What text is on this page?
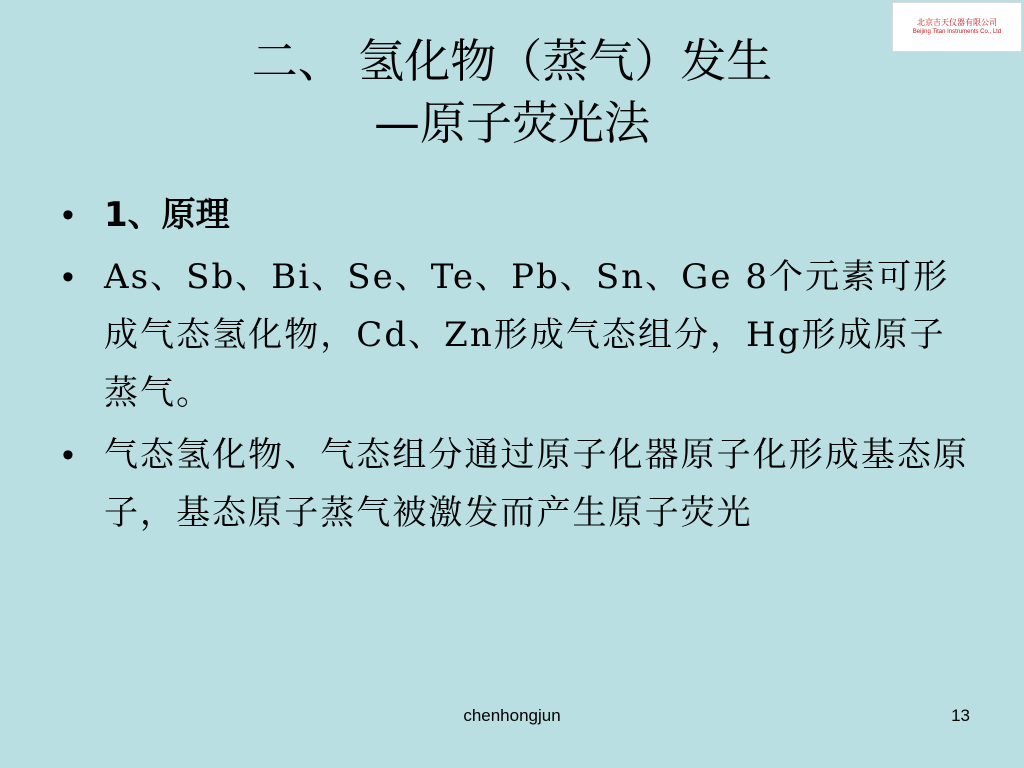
北京吉天仪器有限公司
Beijing Titan Instruments Co., Ltd
二、 氢化物（蒸气）发生
—原子荧光法
• 1、原理
• As、Sb、Bi、Se、Te、Pb、Sn、Ge 8个元素可形成气态氢化物，Cd、Zn形成气态组分，Hg形成原子蒸气。
• 气态氢化物、气态组分通过原子化器原子化形成基态原子，基态原子蒸气被激发而产生原子荧光
chenhongjun	13
